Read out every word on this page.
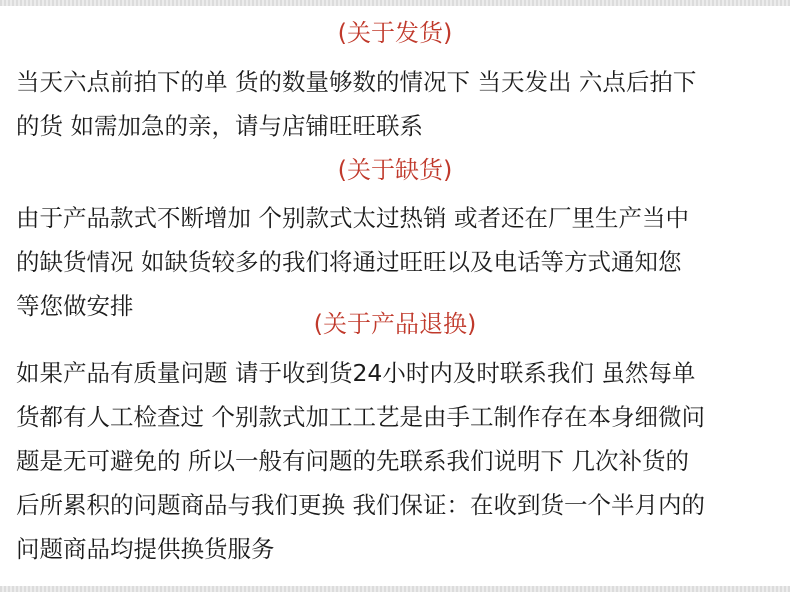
(关于发货)
当天六点前拍下的单 货的数量够数的情况下 当天发出 六点后拍下
的货 如需加急的亲，请与店铺旺旺联系
(关于缺货)
由于产品款式不断增加 个别款式太过热销 或者还在厂里生产当中
的缺货情况 如缺货较多的我们将通过旺旺以及电话等方式通知您
等您做安排
(关于产品退换)
如果产品有质量问题 请于收到货24小时内及时联系我们 虽然每单
货都有人工检查过 个别款式加工工艺是由手工制作存在本身细微问
题是无可避免的 所以一般有问题的先联系我们说明下 几次补货的
后所累积的问题商品与我们更换 我们保证：在收到货一个半月内的
问题商品均提供换货服务
